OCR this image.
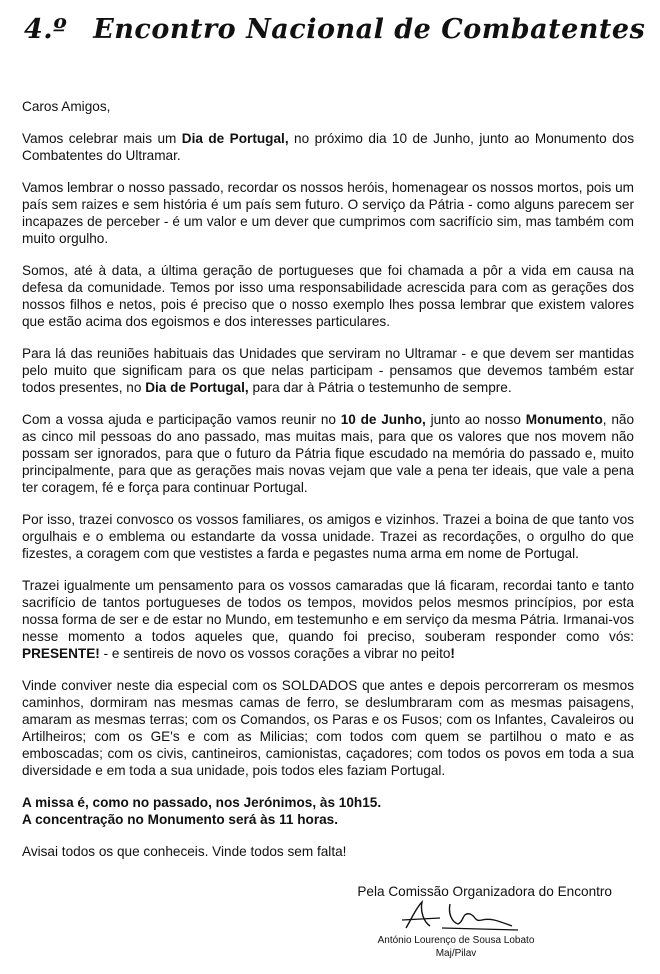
4.º Encontro Nacional de Combatentes

Caros Amigos,

Vamos celebrar mais um Dia de Portugal, no próximo dia 10 de Junho, junto ao Monumento dos Combatentes do Ultramar.

Vamos lembrar o nosso passado, recordar os nossos heróis, homenagear os nossos mortos, pois um país sem raizes e sem história é um país sem futuro. O serviço da Pátria - como alguns parecem ser incapazes de perceber - é um valor e um dever que cumprimos com sacrifício sim, mas também com muito orgulho.

Somos, até à data, a última geração de portugueses que foi chamada a pôr a vida em causa na defesa da comunidade. Temos por isso uma responsabilidade acrescida para com as gerações dos nossos filhos e netos, pois é preciso que o nosso exemplo lhes possa lembrar que existem valores que estão acima dos egoismos e dos interesses particulares.

Para lá das reuniões habituais das Unidades que serviram no Ultramar - e que devem ser mantidas pelo muito que significam para os que nelas participam - pensamos que devemos também estar todos presentes, no Dia de Portugal, para dar à Pátria o testemunho de sempre.

Com a vossa ajuda e participação vamos reunir no 10 de Junho, junto ao nosso Monumento, não as cinco mil pessoas do ano passado, mas muitas mais, para que os valores que nos movem não possam ser ignorados, para que o futuro da Pátria fique escudado na memória do passado e, muito principalmente, para que as gerações mais novas vejam que vale a pena ter ideais, que vale a pena ter coragem, fé e força para continuar Portugal.

Por isso, trazei convosco os vossos familiares, os amigos e vizinhos. Trazei a boina de que tanto vos orgulhais e o emblema ou estandarte da vossa unidade. Trazei as recordações, o orgulho do que fizestes, a coragem com que vestistes a farda e pegastes numa arma em nome de Portugal.

Trazei igualmente um pensamento para os vossos camaradas que lá ficaram, recordai tanto e tanto sacrifício de tantos portugueses de todos os tempos, movidos pelos mesmos princípios, por esta nossa forma de ser e de estar no Mundo, em testemunho e em serviço da mesma Pátria. Irmanai-vos nesse momento a todos aqueles que, quando foi preciso, souberam responder como vós: PRESENTE! - e sentireis de novo os vossos corações a vibrar no peito!

Vinde conviver neste dia especial com os SOLDADOS que antes e depois percorreram os mesmos caminhos, dormiram nas mesmas camas de ferro, se deslumbraram com as mesmas paisagens, amaram as mesmas terras; com os Comandos, os Paras e os Fusos; com os Infantes, Cavaleiros ou Artilheiros; com os GE's e com as Milicias; com todos com quem se partilhou o mato e as emboscadas; com os civis, cantineiros, camionistas, caçadores; com todos os povos em toda a sua diversidade e em toda a sua unidade, pois todos eles faziam Portugal.

A missa é, como no passado, nos Jerónimos, às 10h15.
A concentração no Monumento será às 11 horas.

Avisai todos os que conheceis. Vinde todos sem falta!

Pela Comissão Organizadora do Encontro
António Lourenço de Sousa Lobato
Maj/Pilav
